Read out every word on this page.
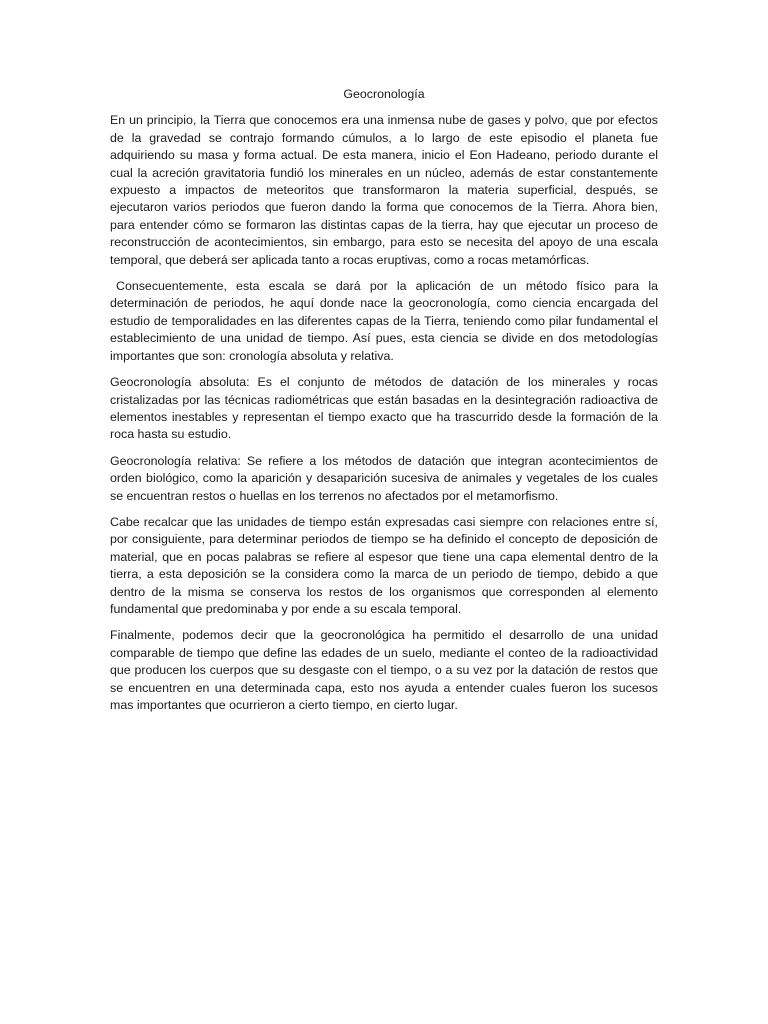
Geocronología

En un principio, la Tierra que conocemos era una inmensa nube de gases y polvo, que por efectos de la gravedad se contrajo formando cúmulos, a lo largo de este episodio el planeta fue adquiriendo su masa y forma actual. De esta manera, inicio el Eon Hadeano, periodo durante el cual la acreción gravitatoria fundió los minerales en un núcleo, además de estar constantemente expuesto a impactos de meteoritos que transformaron la materia superficial, después, se ejecutaron varios periodos que fueron dando la forma que conocemos de la Tierra. Ahora bien, para entender cómo se formaron las distintas capas de la tierra, hay que ejecutar un proceso de reconstrucción de acontecimientos, sin embargo, para esto se necesita del apoyo de una escala temporal, que deberá ser aplicada tanto a rocas eruptivas, como a rocas metamórficas.

Consecuentemente, esta escala se dará por la aplicación de un método físico para la determinación de periodos, he aquí donde nace la geocronología, como ciencia encargada del estudio de temporalidades en las diferentes capas de la Tierra, teniendo como pilar fundamental el establecimiento de una unidad de tiempo. Así pues, esta ciencia se divide en dos metodologías importantes que son: cronología absoluta y relativa.

Geocronología absoluta: Es el conjunto de métodos de datación de los minerales y rocas cristalizadas por las técnicas radiométricas que están basadas en la desintegración radioactiva de elementos inestables y representan el tiempo exacto que ha trascurrido desde la formación de la roca hasta su estudio.

Geocronología relativa: Se refiere a los métodos de datación que integran acontecimientos de orden biológico, como la aparición y desaparición sucesiva de animales y vegetales de los cuales se encuentran restos o huellas en los terrenos no afectados por el metamorfismo.

Cabe recalcar que las unidades de tiempo están expresadas casi siempre con relaciones entre sí, por consiguiente, para determinar periodos de tiempo se ha definido el concepto de deposición de material, que en pocas palabras se refiere al espesor que tiene una capa elemental dentro de la tierra, a esta deposición se la considera como la marca de un periodo de tiempo, debido a que dentro de la misma se conserva los restos de los organismos que corresponden al elemento fundamental que predominaba y por ende a su escala temporal.

Finalmente, podemos decir que la geocronológica ha permitido el desarrollo de una unidad comparable de tiempo que define las edades de un suelo, mediante el conteo de la radioactividad que producen los cuerpos que su desgaste con el tiempo, o a su vez por la datación de restos que se encuentren en una determinada capa, esto nos ayuda a entender cuales fueron los sucesos mas importantes que ocurrieron a cierto tiempo, en cierto lugar.
